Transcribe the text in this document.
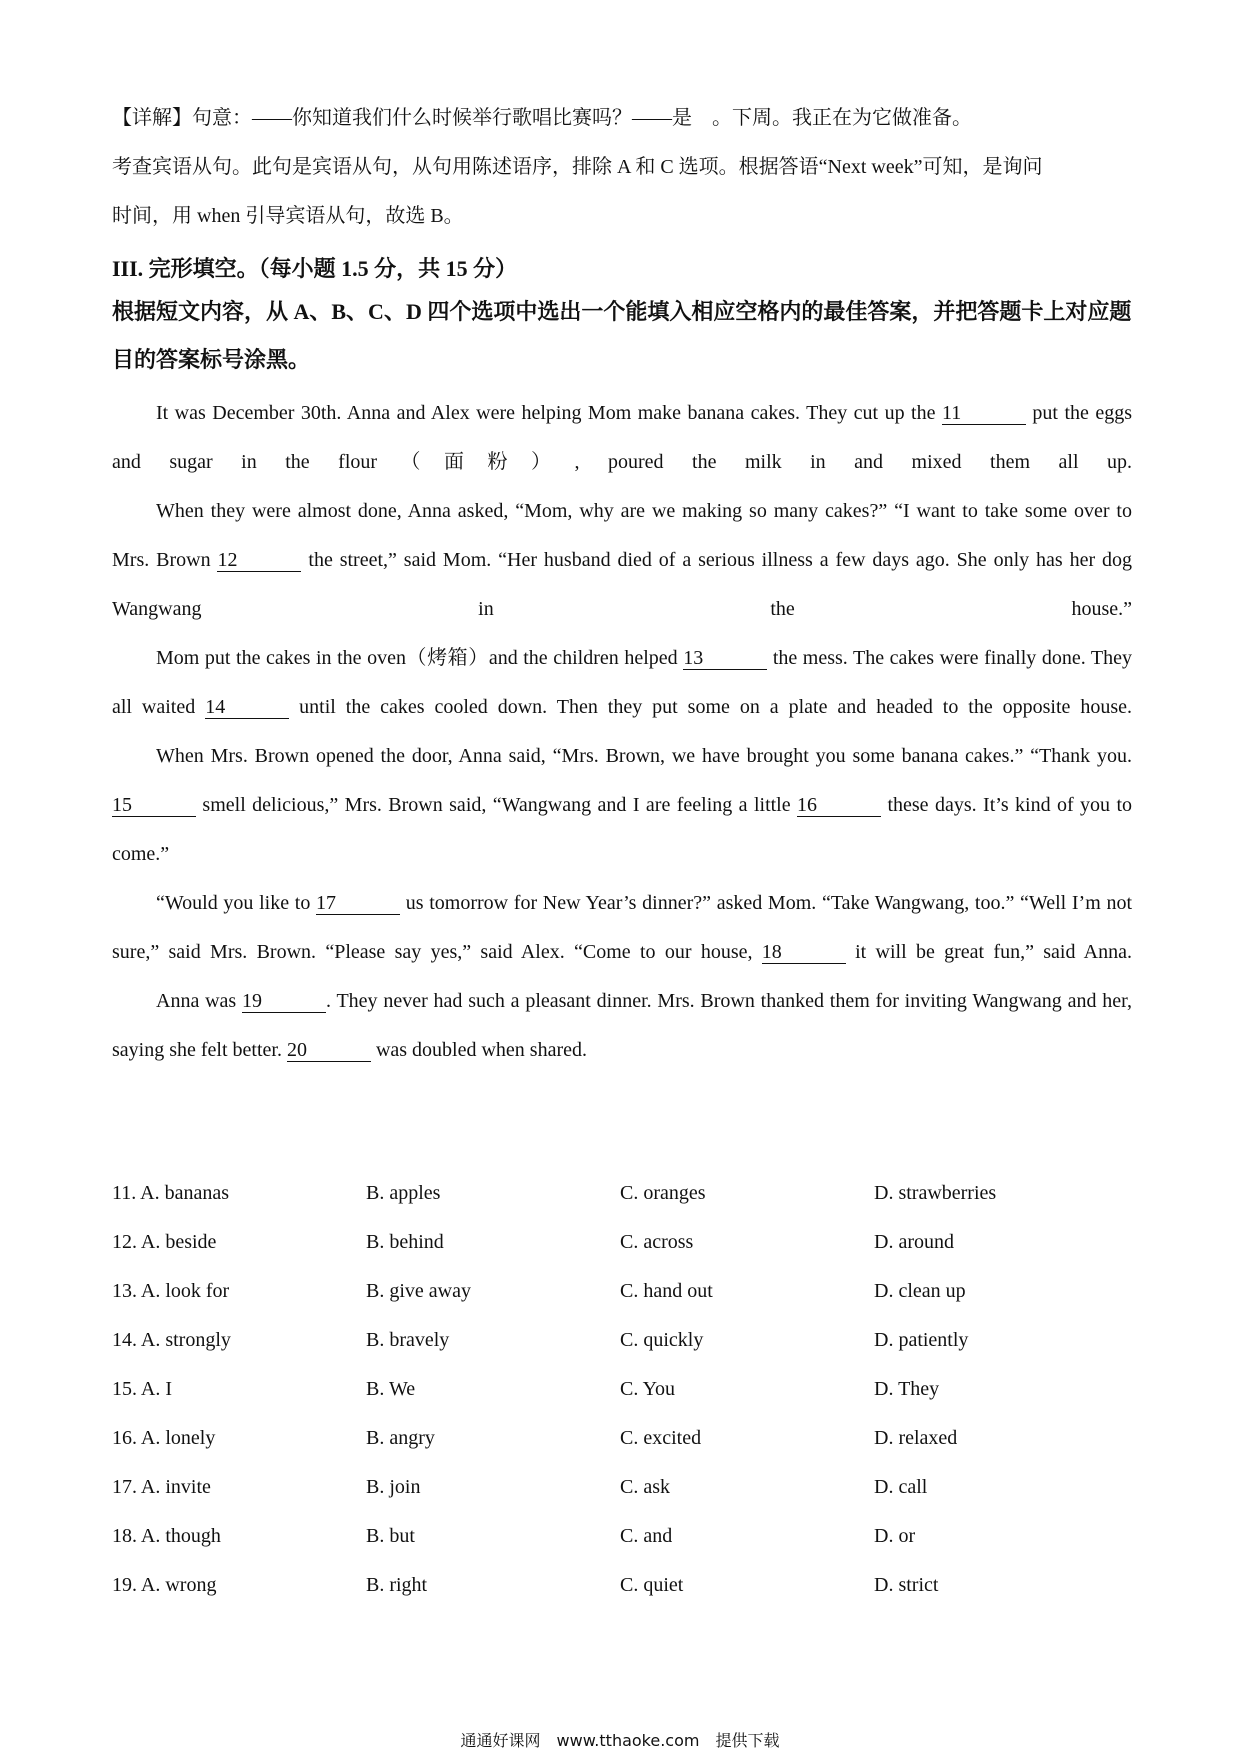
【详解】句意：——你知道我们什么时候举行歌唱比赛吗？——是　。下周。我正在为它做准备。
考查宾语从句。此句是宾语从句，从句用陈述语序，排除 A 和 C 选项。根据答语“Next week”可知，是询问
时间，用 when 引导宾语从句，故选 B。
III. 完形填空。（每小题 1.5 分，共 15 分）
根据短文内容，从 A、B、C、D 四个选项中选出一个能填入相应空格内的最佳答案，并把答题卡上对应题目的答案标号涂黑。

It was December 30th. Anna and Alex were helping Mom make banana cakes. They cut up the 11	put the eggs and sugar in the flour（面粉）, poured the milk in and mixed them all up.

When they were almost done, Anna asked, “Mom, why are we making so many cakes?” “I want to take some over to Mrs. Brown 12	the street,” said Mom. “Her husband died of a serious illness a few days ago. She only has her dog Wangwang in the house.”

Mom put the cakes in the oven（烤箱）and the children helped 13	the mess. The cakes were finally done. They all waited 14	until the cakes cooled down. Then they put some on a plate and headed to the opposite house.

When Mrs. Brown opened the door, Anna said, “Mrs. Brown, we have brought you some banana cakes.” “Thank you. 15	smell delicious,” Mrs. Brown said, “Wangwang and I are feeling a little 16	these days. It’s kind of you to come.”

“Would you like to 17	us tomorrow for New Year’s dinner?” asked Mom. “Take Wangwang, too.” “Well I’m not sure,” said Mrs. Brown. “Please say yes,” said Alex. “Come to our house, 18	it will be great fun,” said Anna.

Anna was 19	. They never had such a pleasant dinner. Mrs. Brown thanked them for inviting Wangwang and her, saying she felt better. 20	was doubled when shared.

11. A. bananas	B. apples	C. oranges	D. strawberries
12. A. beside	B. behind	C. across	D. around
13. A. look for	B. give away	C. hand out	D. clean up
14. A. strongly	B. bravely	C. quickly	D. patiently
15. A. I	B. We	C. You	D. They
16. A. lonely	B. angry	C. excited	D. relaxed
17. A. invite	B. join	C. ask	D. call
18. A. though	B. but	C. and	D. or
19. A. wrong	B. right	C. quiet	D. strict
通通好课网　www.tthaoke.com　提供下载
